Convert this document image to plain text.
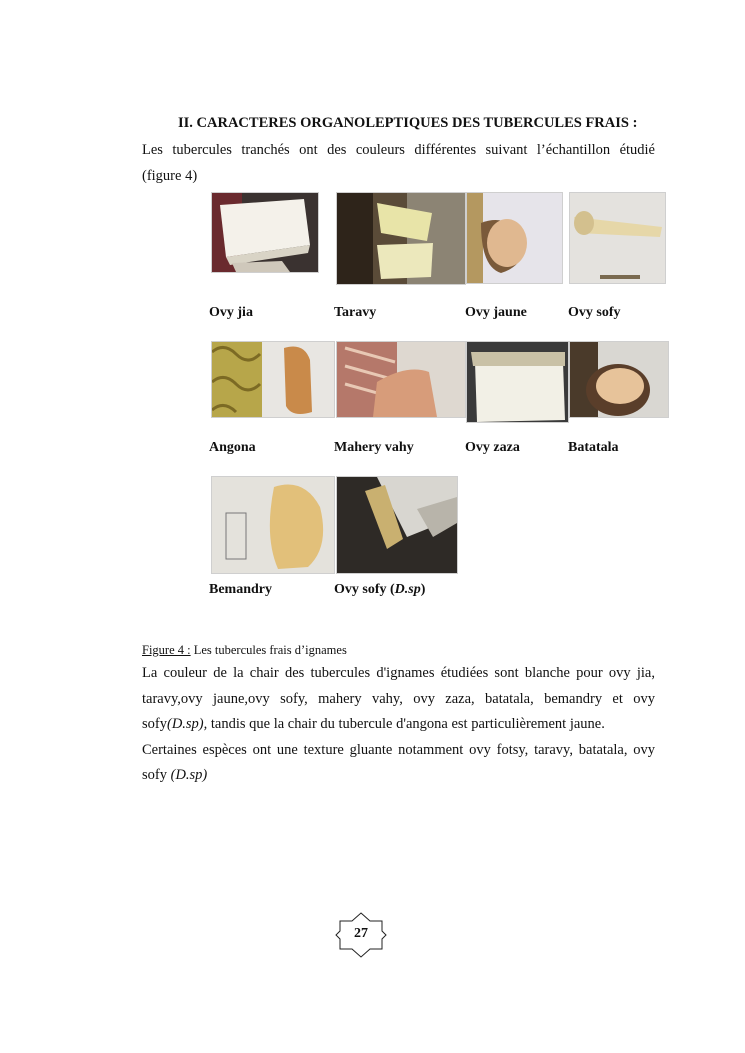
II. CARACTERES ORGANOLEPTIQUES DES TUBERCULES FRAIS :
Les tubercules tranchés ont des couleurs différentes suivant l’échantillon étudié
(figure 4)
Ovy jia	Taravy	Ovy jaune	Ovy sofy
Angona	Mahery vahy	Ovy zaza	Batatala
Bemandry	Ovy sofy (D.sp)
Figure 4 : Les tubercules frais d’ignames
La couleur de la chair des tubercules d'ignames étudiées sont blanche pour ovy jia,
taravy,ovy jaune,ovy sofy, mahery vahy, ovy zaza, batatala, bemandry et ovy
sofy(D.sp), tandis que la chair du tubercule d'angona est particulièrement jaune.
Certaines espèces ont une texture gluante notamment ovy fotsy, taravy, batatala, ovy
sofy (D.sp)
27
